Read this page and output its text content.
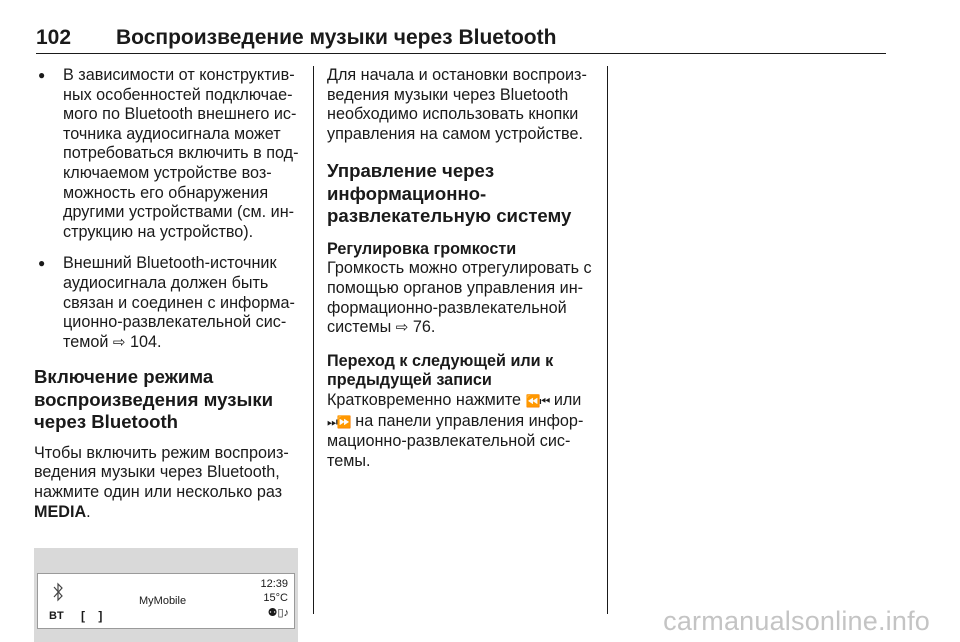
102 Воспроизведение музыки через Bluetooth
● В зависимости от конструктивных особенностей подключаемого по Bluetooth внешнего источника аудиосигнала может потребоваться включить в подключаемом устройстве возможность его обнаружения другими устройствами (см. инструкцию на устройство).
● Внешний Bluetooth-источник аудиосигнала должен быть связан и соединен с информационно-развлекательной системой ⇨ 104.
Включение режима воспроизведения музыки через Bluetooth

Чтобы включить режим воспроизведения музыки через Bluetooth, нажмите один или несколько раз
MEDIA.

BT [ ]
MyMobile
12:39
15°C
⚉▯♪

Для начала и остановки воспроизведения музыки через Bluetooth необходимо использовать кнопки управления на самом устройстве.

Управление через информационно-развлекательную систему
Регулировка громкости

Громкость можно отрегулировать с помощью органов управления информационно-развлекательной системы ⇨ 76.

Переход к следующей или к предыдущей записи

Кратковременно нажмите ⏪⏮ или
⏭⏩ на панели управления информационно-развлекательной системы.

carmanualsonline.info
